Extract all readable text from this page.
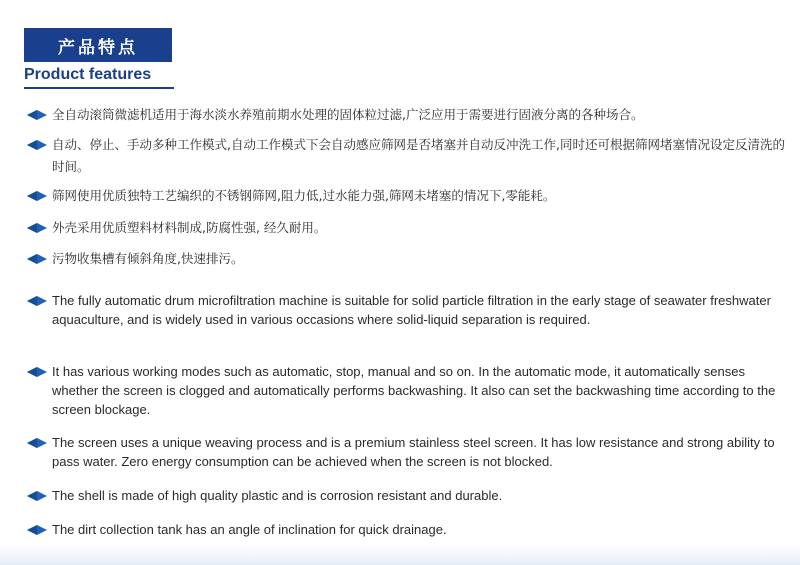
产品特点
Product features
全自动滚筒微滤机适用于海水淡水养殖前期水处理的固体粒过滤,广泛应用于需要进行固液分离的各种场合。
自动、停止、手动多种工作模式,自动工作模式下会自动感应筛网是否堵塞并自动反冲洗工作,同时还可根据筛网堵塞情况设定反清洗的时间。
筛网使用优质独特工艺编织的不锈钢筛网,阻力低,过水能力强,筛网未堵塞的情况下,零能耗。
外壳采用优质塑料材料制成,防腐性强, 经久耐用。
污物收集槽有倾斜角度,快速排污。
The fully automatic drum microfiltration machine is suitable for solid particle filtration in the early stage of seawater freshwater aquaculture, and is widely used in various occasions where solid-liquid separation is required.
It has various working modes such as automatic, stop, manual and so on. In the automatic mode, it automatically senses whether the screen is clogged and automatically performs backwashing. It also can set the backwashing time according to the screen blockage.
The screen uses a unique weaving process and is a premium stainless steel screen. It has low resistance and strong ability to pass water. Zero energy consumption can be achieved when the screen is not blocked.
The shell is made of high quality plastic and is corrosion resistant and durable.
The dirt collection tank has an angle of inclination for quick drainage.
